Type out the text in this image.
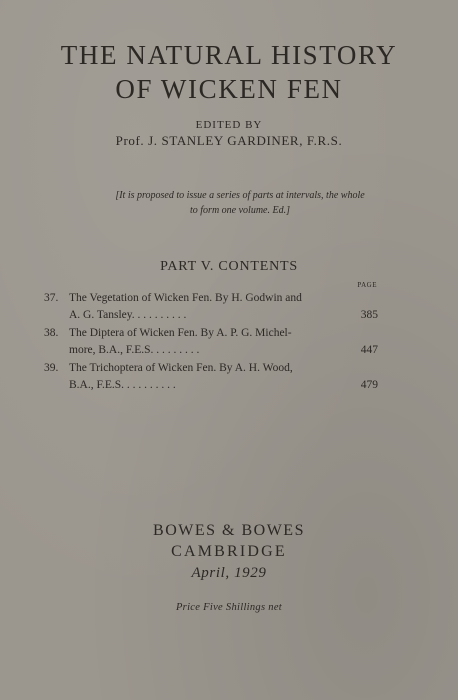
THE NATURAL HISTORY
OF WICKEN FEN
EDITED BY
Prof. J. STANLEY GARDINER, F.R.S.
[It is proposed to issue a series of parts at intervals, the whole
to form one volume. Ed.]
PART V. CONTENTS
PAGE
37. The Vegetation of Wicken Fen. By H. Godwin and
A. G. Tansley. . . . . . . . . .	385
38. The Diptera of Wicken Fen. By A. P. G. Michel-
more, B.A., F.E.S. . . . . . . . .	447
39. The Trichoptera of Wicken Fen. By A. H. Wood,
B.A., F.E.S. . . . . . . . . .	479
BOWES & BOWES
CAMBRIDGE
April, 1929
Price Five Shillings net
